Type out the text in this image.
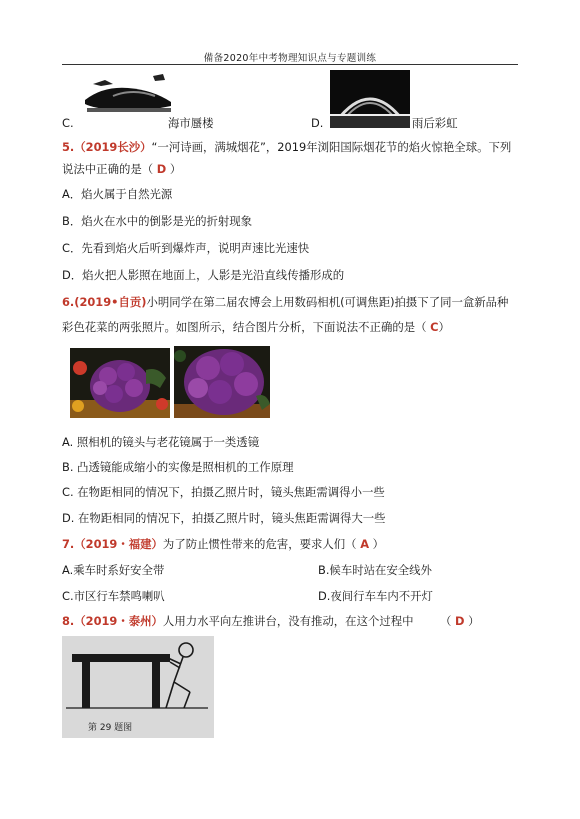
備备2020年中考物理知识点与专题训练
C.	海市蜃楼	D.	雨后彩虹
5.（2019长沙）“一河诗画，满城烟花”，2019年浏阳国际烟花节的焰火惊艳全球。下列
说法中正确的是（ D ）
A．焰火属于自然光源
B．焰火在水中的倒影是光的折射现象
C．先看到焰火后听到爆炸声，说明声速比光速快
D．焰火把人影照在地面上，人影是光沿直线传播形成的
6.(2019•自贡)小明同学在第二届农博会上用数码相机(可调焦距)拍摄下了同一盒新品种
彩色花菜的两张照片。如图所示，结合图片分析，下面说法不正确的是（ C）
A. 照相机的镜头与老花镜属于一类透镜
B. 凸透镜能成缩小的实像是照相机的工作原理
C. 在物距相同的情况下，拍摄乙照片时，镜头焦距需调得小一些
D. 在物距相同的情况下，拍摄乙照片时，镜头焦距需调得大一些
7.（2019・福建）为了防止惯性带来的危害，要求人们（ A ）
A.乘车时系好安全带	B.候车时站在安全线外
C.市区行车禁鸣喇叭	D.夜间行车车内不开灯
8.（2019・泰州）人用力水平向左推讲台，没有推动，在这个过程中 （ D ）
第 29 题图
